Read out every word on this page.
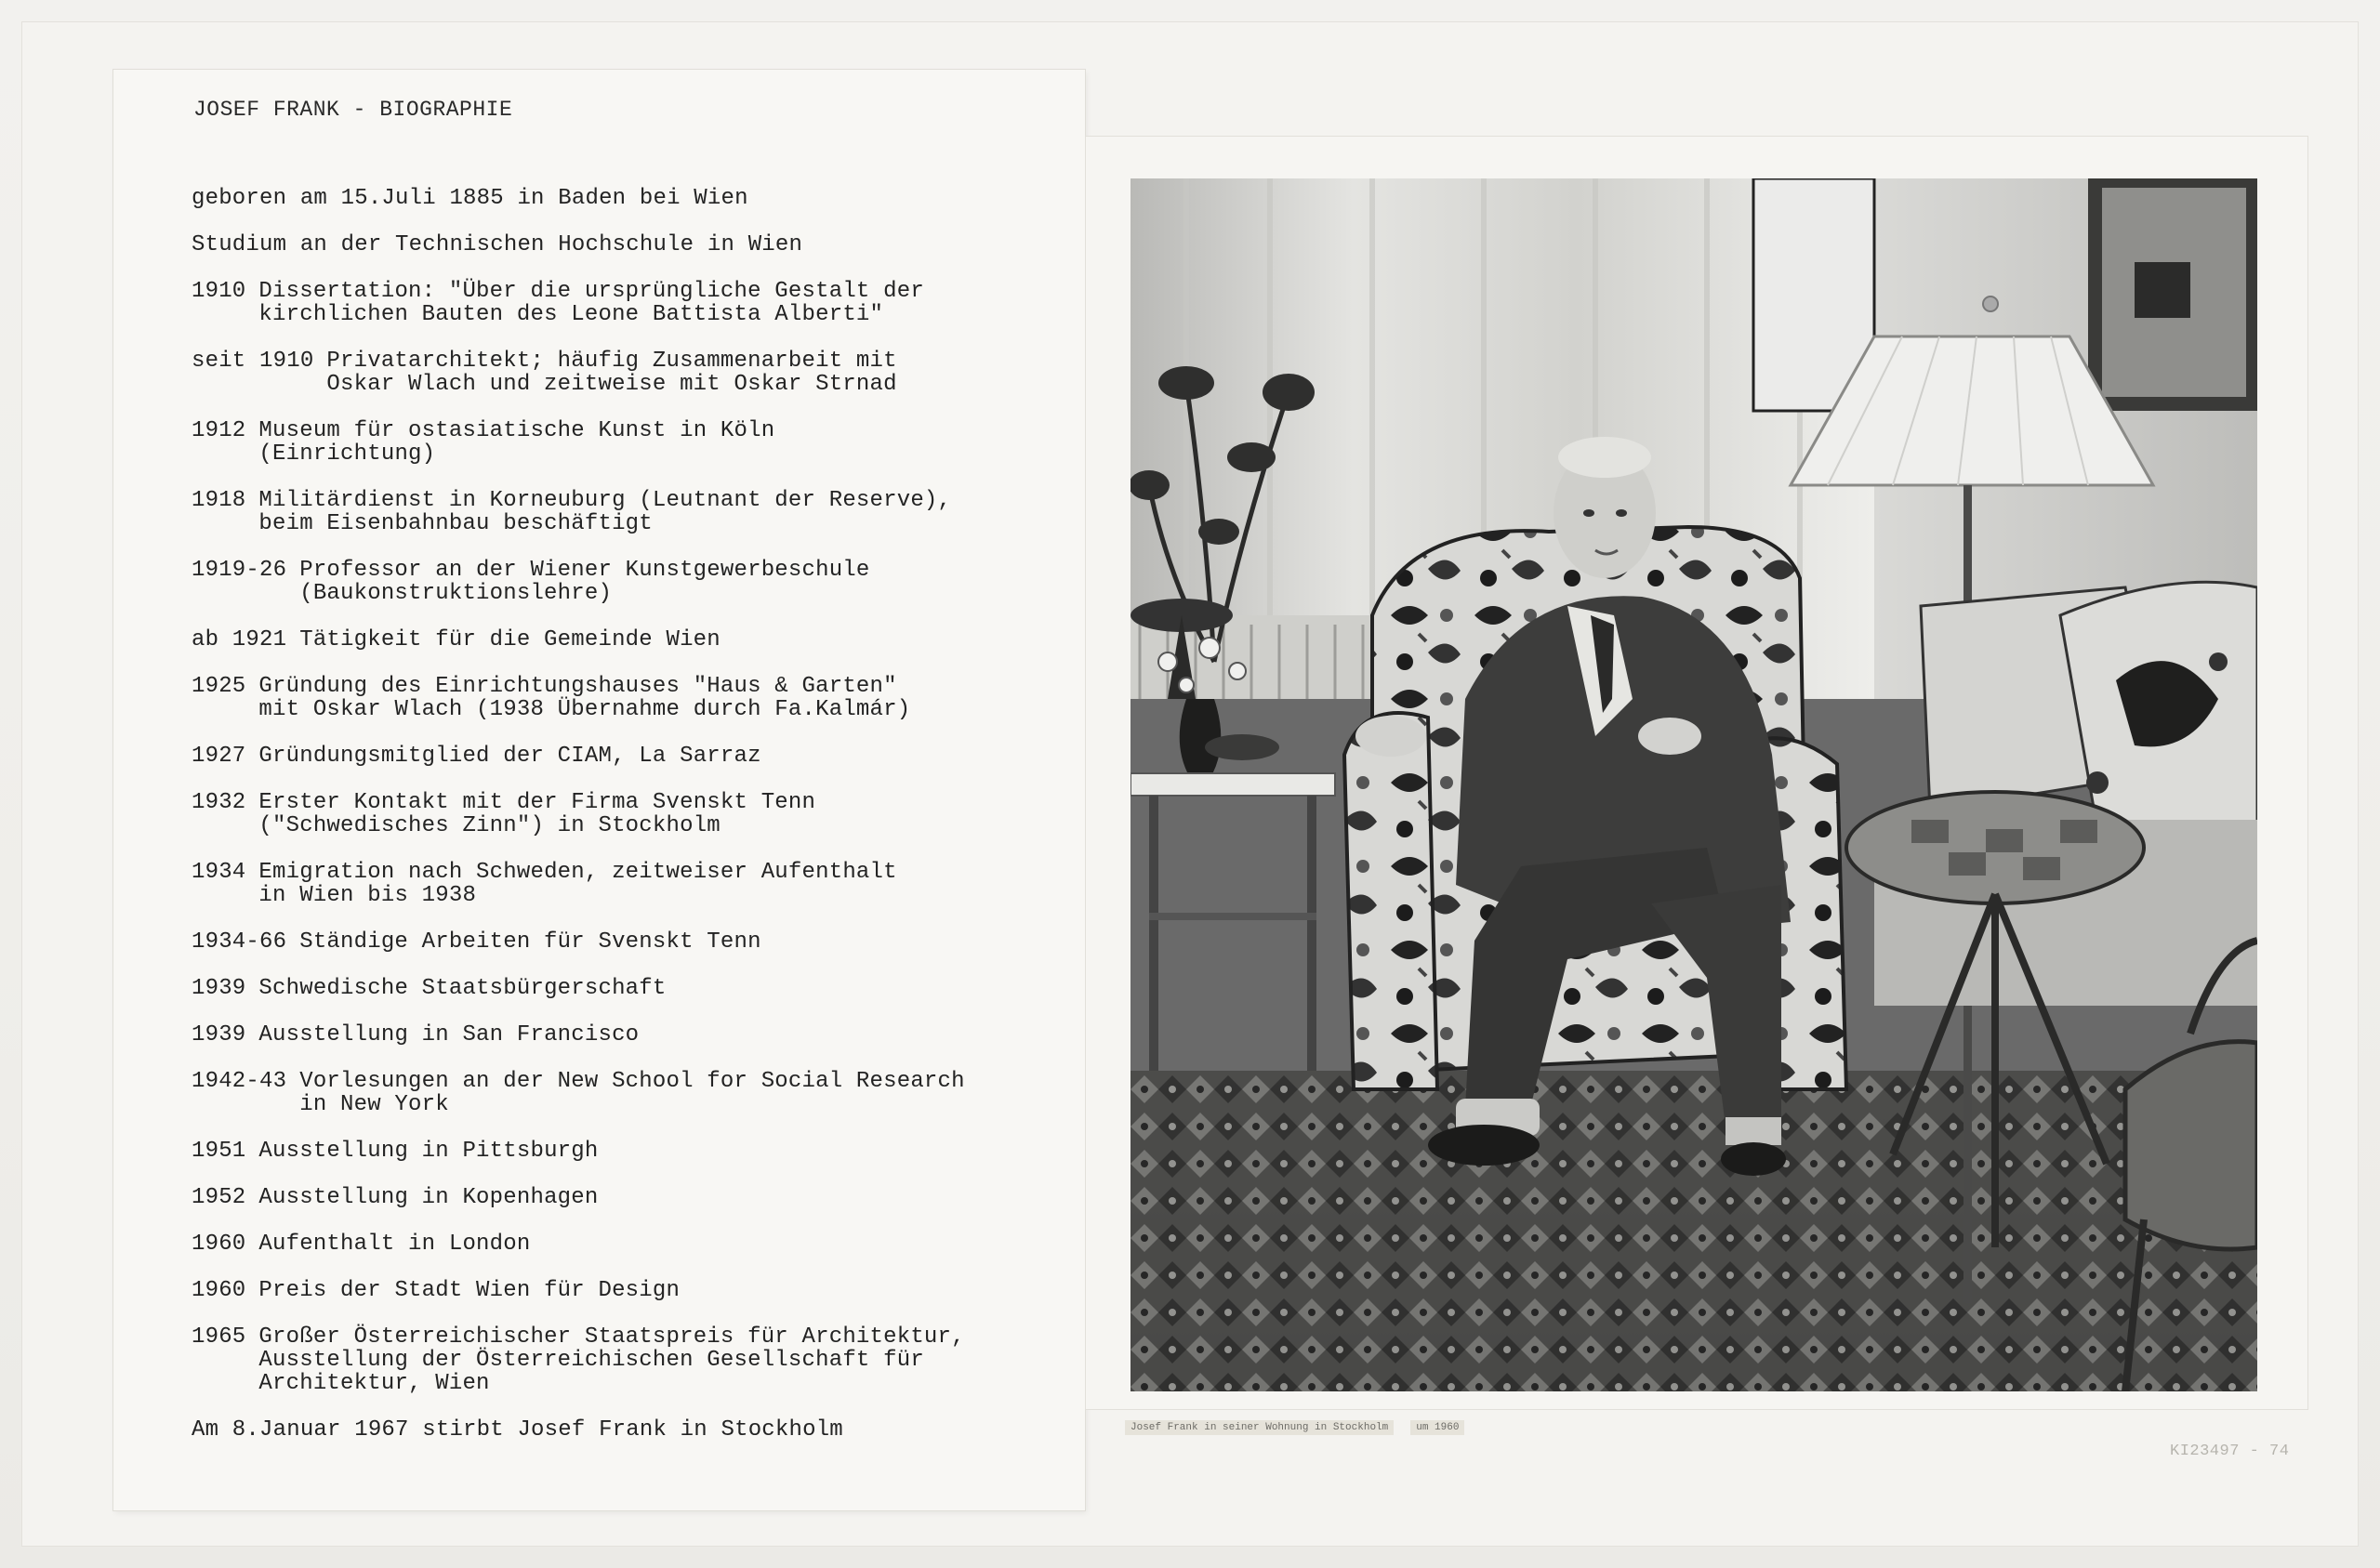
JOSEF FRANK - BIOGRAPHIE
geboren am 15.Juli 1885 in Baden bei Wien
Studium an der Technischen Hochschule in Wien
1910 Dissertation: "Über die ursprüngliche Gestalt der
kirchlichen Bauten des Leone Battista Alberti"
seit 1910 Privatarchitekt; häufig Zusammenarbeit mit
Oskar Wlach und zeitweise mit Oskar Strnad
1912 Museum für ostasiatische Kunst in Köln
(Einrichtung)
1918 Militärdienst in Korneuburg (Leutnant der Reserve),
beim Eisenbahnbau beschäftigt
1919-26 Professor an der Wiener Kunstgewerbeschule
(Baukonstruktionslehre)
ab 1921 Tätigkeit für die Gemeinde Wien
1925 Gründung des Einrichtungshauses "Haus & Garten"
mit Oskar Wlach (1938 Übernahme durch Fa.Kalmár)
1927 Gründungsmitglied der CIAM, La Sarraz
1932 Erster Kontakt mit der Firma Svenskt Tenn
("Schwedisches Zinn") in Stockholm
1934 Emigration nach Schweden, zeitweiser Aufenthalt
in Wien bis 1938
1934-66 Ständige Arbeiten für Svenskt Tenn
1939 Schwedische Staatsbürgerschaft
1939 Ausstellung in San Francisco
1942-43 Vorlesungen an der New School for Social Research
in New York
1951 Ausstellung in Pittsburgh
1952 Ausstellung in Kopenhagen
1960 Aufenthalt in London
1960 Preis der Stadt Wien für Design
1965 Großer Österreichischer Staatspreis für Architektur,
Ausstellung der Österreichischen Gesellschaft für
Architektur, Wien
Am 8.Januar 1967 stirbt Josef Frank in Stockholm	Josef Frank in seiner Wohnung in Stockholm	um 1960
KI23497 - 74
